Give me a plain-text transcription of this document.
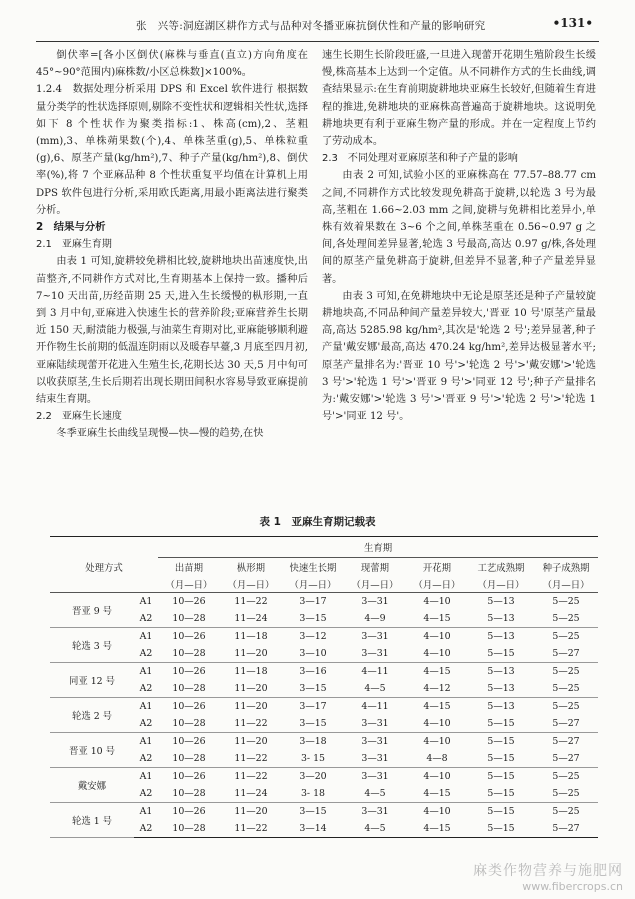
张　兴等:洞庭湖区耕作方式与品种对冬播亚麻抗倒伏性和产量的影响研究	•131•

倒伏率=[各小区倒伏(麻株与垂直(直立)方向角度在45°~90°范围内)麻株数/小区总株数]×100%。

1.2.4　数据处理分析采用 DPS 和 Excel 软件进行 根据数量分类学的性状选择原则,剔除不变性状和逻辑相关性状,选择如下 8 个性状作为聚类指标:1、株高(cm),2、茎粗(mm),3、单株蒴果数(个),4、单株茎重(g),5、单株粒重(g),6、原茎产量(kg/hm²),7、种子产量(kg/hm²),8、倒伏率(%),将 7 个亚麻品种 8 个性状重复平均值在计算机上用 DPS 软件包进行分析,采用欧氏距离,用最小距离法进行聚类分析。

2　结果与分析

2.1　亚麻生育期

由表 1 可知,旋耕较免耕相比较,旋耕地块出苗速度快,出苗整齐,不同耕作方式对比,生育期基本上保持一致。播种后 7~10 天出苗,历经苗期 25 天,进入生长缓慢的枞形期,一直到 3 月中旬,亚麻进入快速生长的营养阶段;亚麻营养生长期近 150 天,耐渍能力极强,与油菜生育期对比,亚麻能够顺利避开作物生长前期的低温连阴雨以及暖春早薹,3 月底至四月初,亚麻陆续现蕾开花进入生殖生长,花期长达 30 天,5 月中旬可以收获原茎,生长后期若出现长期田间积水容易导致亚麻提前结束生育期。

2.2　亚麻生长速度

冬季亚麻生长曲线呈现慢—快—慢的趋势,在快

速生长期生长阶段旺盛,一旦进入现蕾开花期生殖阶段生长缓慢,株高基本上达到一个定值。从不同耕作方式的生长曲线,调查结果显示:在生育前期旋耕地块亚麻生长较好,但随着生育进程的推进,免耕地块的亚麻株高普遍高于旋耕地块。这说明免耕地块更有利于亚麻生物产量的形成。并在一定程度上节约了劳动成本。

2.3　不同处理对亚麻原茎和种子产量的影响

由表 2 可知,试验小区的亚麻株高在 77.57–88.77 cm 之间,不同耕作方式比较发现免耕高于旋耕,以轮选 3 号为最高,茎粗在 1.66~2.03 mm 之间,旋耕与免耕相比差异小,单株有效着果数在 3~6 个之间,单株茎重在 0.56~0.97 g 之间,各处理间差异显著,轮选 3 号最高,高达 0.97 g/株,各处理间的原茎产量免耕高于旋耕,但差异不显著,种子产量差异显著。

由表 3 可知,在免耕地块中无论是原茎还是种子产量较旋耕地块高,不同品种间产量差异较大,'晋亚 10 号'原茎产量最高,高达 5285.98 kg/hm²,其次是'轮选 2 号';差异显著,种子产量'戴安娜'最高,高达 470.24 kg/hm²,差异达极显著水平;原茎产量排名为:'晋亚 10 号'>'轮选 2 号'>'戴安娜'>'轮选 3 号'>'轮选 1 号'>'晋亚 9 号'>'同亚 12 号';种子产量排名为:'戴安娜'>'轮选 3 号'>'晋亚 9 号'>'轮选 2 号'>'轮选 1 号'>'同亚 12 号'。

表 1　亚麻生育期记载表
		生育期						
处理方式		出苗期	枞形期	快速生长期	现蕾期	开花期	工艺成熟期	种子成熟期
		（月—日）	（月—日）	（月—日）	（月—日）	（月—日）	（月—日）	（月—日）
晋亚 9 号	A1	10—26	11—22	3—17	3—31	4—10	5—13	5—25
	A2	10—28	11—24	3—15	4—9	4—15	5—13	5—25
轮选 3 号	A1	10—26	11—18	3—12	3—31	4—10	5—13	5—25
	A2	10—28	11—20	3—10	3—31	4—10	5—15	5—27
同亚 12 号	A1	10—26	11—18	3—16	4—11	4—15	5—13	5—25
	A2	10—28	11—20	3—15	4—5	4—12	5—13	5—25
轮选 2 号	A1	10—26	11—20	3—17	4—11	4—15	5—13	5—25
	A2	10—28	11—22	3—15	3—31	4—10	5—15	5—27
晋亚 10 号	A1	10—26	11—20	3—18	3—31	4—10	5—15	5—27
	A2	10—28	11—22	3- 15	3—31	4—8	5—15	5—27
戴安娜	A1	10—26	11—22	3—20	3—31	4—10	5—15	5—25
	A2	10—28	11—24	3- 18	4—5	4—15	5—15	5—25
轮选 1 号	A1	10—26	11—20	3—15	3—31	4—10	5—15	5—25
	A2	10—28	11—22	3—14	4—5	4—15	5—15	5—27
麻类作物营养与施肥网
www.fibercrops.cn
